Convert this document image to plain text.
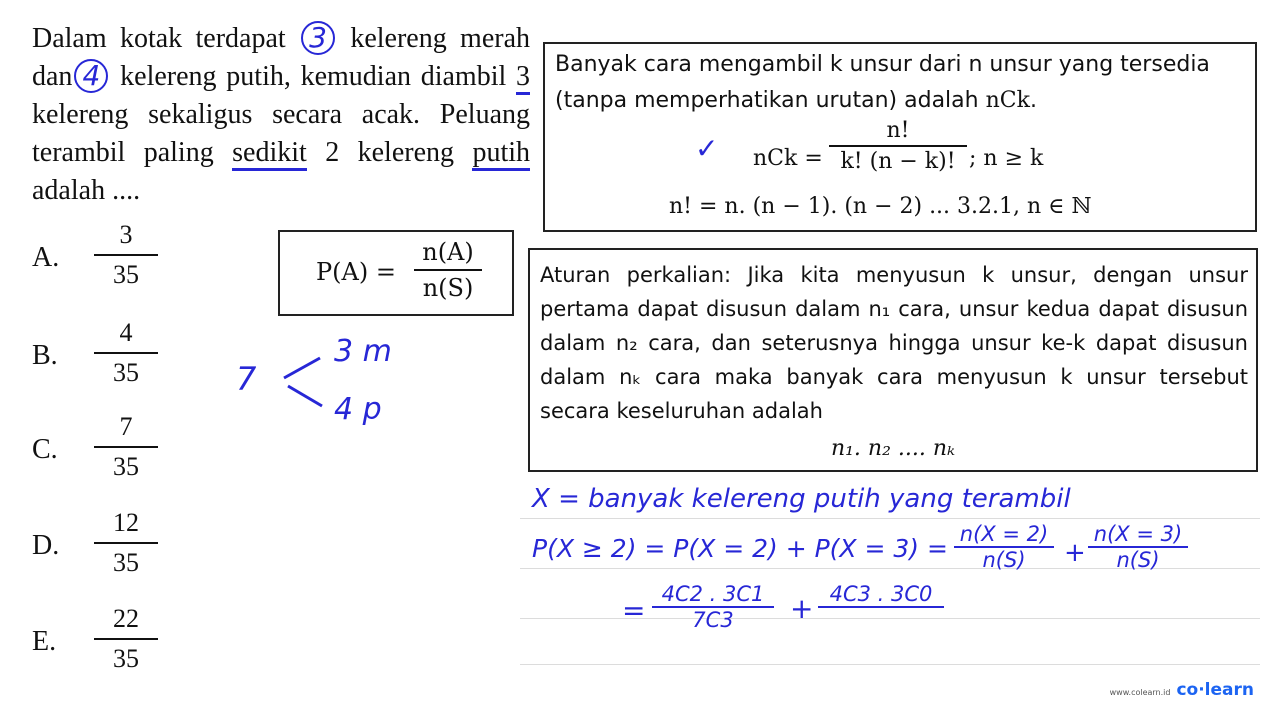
Dalam kotak terdapat 3 kelereng merah dan 4 kelereng putih, kemudian diambil 3 kelereng sekaligus secara acak. Peluang terambil paling sedikit 2 kelereng putih adalah ....
A. $\frac{3}{35}$
B. $\frac{4}{35}$
C. $\frac{7}{35}$
D. $\frac{12}{35}$
E. $\frac{22}{35}$
$P(A) = \frac{n(A)}{n(S)}$
Banyak cara mengambil k unsur dari n unsur yang tersedia
(tanpa memperhatikan urutan) adalah nCk.
✓ nCk = $\frac{n!}{k! (n - k)!}$ ; n ≥ k
n! = n. (n − 1). (n − 2) ... 3.2.1, n ∈ ℕ
Aturan perkalian: Jika kita menyusun k unsur, dengan unsur pertama dapat disusun dalam n₁ cara, unsur kedua dapat disusun dalam n₂ cara, dan seterusnya hingga unsur ke-k dapat disusun dalam nₖ cara maka banyak cara menyusun k unsur tersebut secara keseluruhan adalah
n₁. n₂ .... nₖ
7
3 m
4 p
X = banyak kelereng putih yang terambil
$P(X \ge 2) = P(X = 2) + P(X = 3) = \frac{n(X = 2)}{n(S)} + \frac{n(X = 3)}{n(S)}$
= $\frac{4C2 . 3C1}{7C3} + 4C3$ . 3C0
www.colearn.id co·learn
